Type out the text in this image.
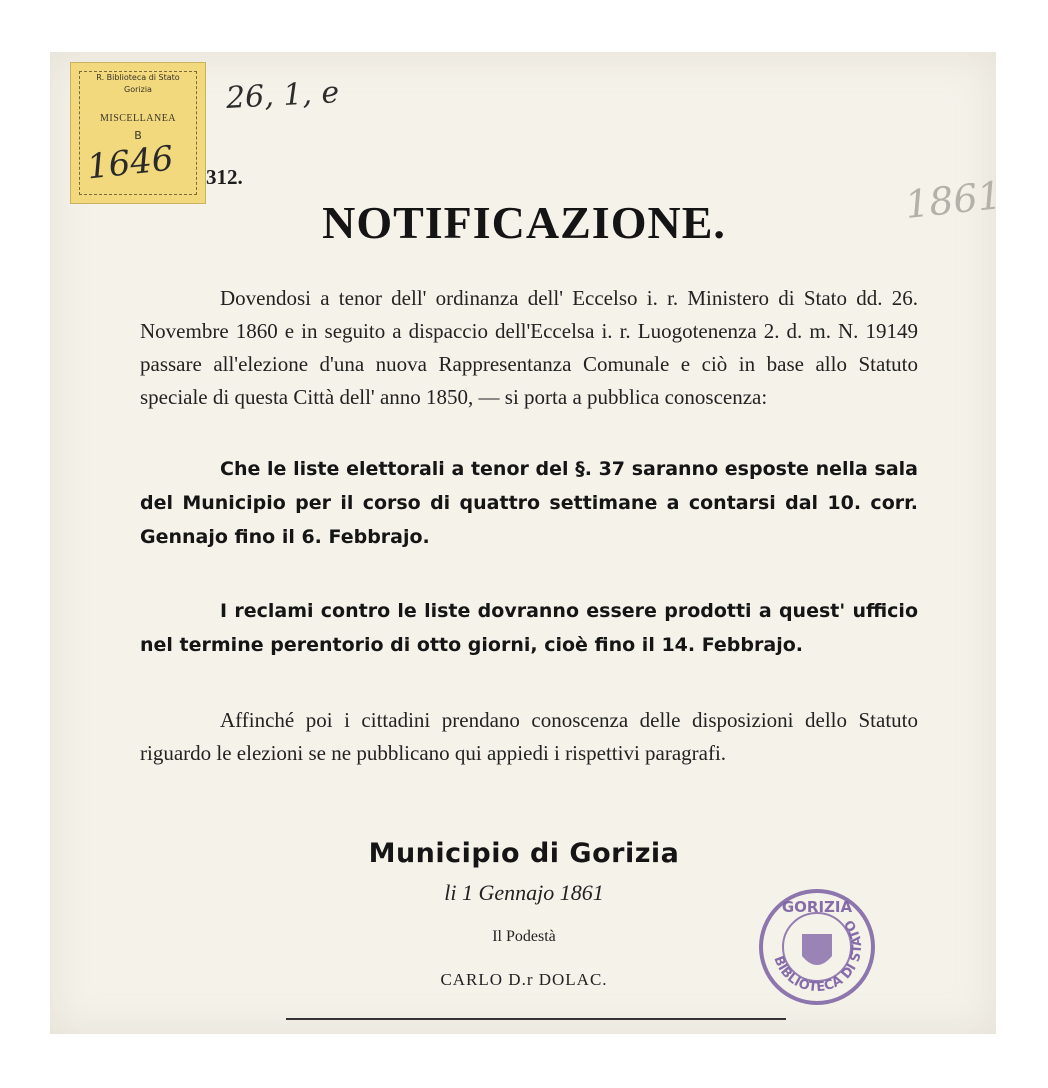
R. Biblioteca di Stato
Gorizia
MISCELLANEA
B
1646
26, 1, e
1861
312.
NOTIFICAZIONE.

Dovendosi a tenor dell' ordinanza dell' Eccelso i. r. Ministero di Stato dd. 26. Novembre 1860 e in seguito a dispaccio dell'Eccelsa i. r. Luogotenenza 2. d. m. N. 19149 passare all'elezione d'una nuova Rappresentanza Comunale e ciò in base allo Statuto speciale di questa Città dell' anno 1850, — si porta a pubblica conoscenza:

Che le liste elettorali a tenor del §. 37 saranno esposte nella sala del Municipio per il corso di quattro settimane a contarsi dal 10. corr. Gennajo fino il 6. Febbrajo.

I reclami contro le liste dovranno essere prodotti a quest' ufficio nel termine perentorio di otto giorni, cioè fino il 14. Febbrajo.

Affinché poi i cittadini prendano conoscenza delle disposizioni dello Statuto riguardo le elezioni se ne pubblicano qui appiedi i rispettivi paragrafi.

Municipio di Gorizia
li 1 Gennajo 1861
Il Podestà
CARLO D.r DOLAC.
BIBLIOTECA DI STATO
GORIZIA
